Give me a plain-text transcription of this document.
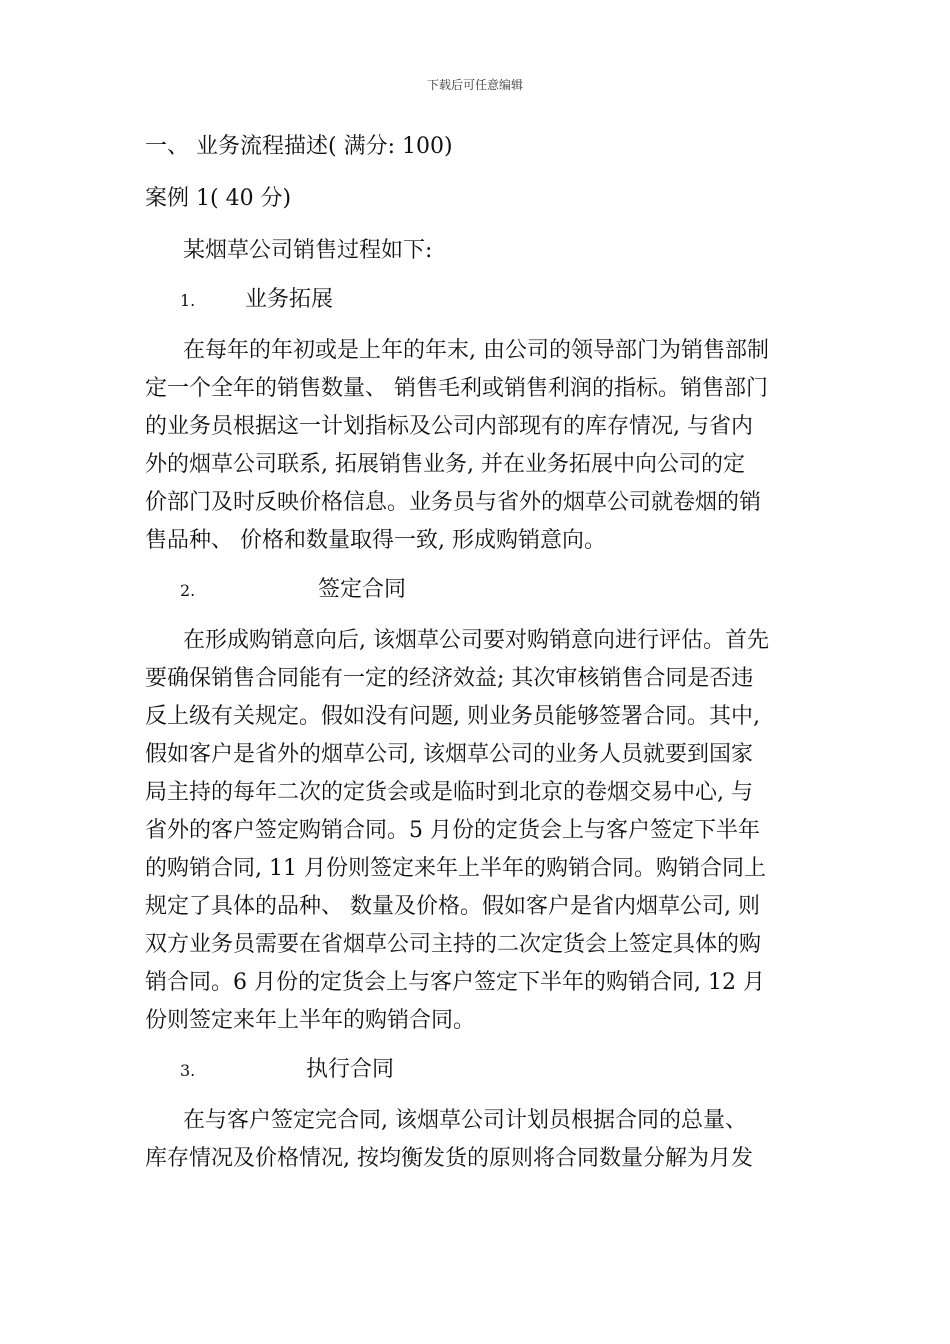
下载后可任意编辑
一、 业务流程描述( 满分: 100)
案例 1( 40 分)
某烟草公司销售过程如下:
1. 业务拓展
在每年的年初或是上年的年末, 由公司的领导部门为销售部制
定一个全年的销售数量、 销售毛利或销售利润的指标。销售部门
的业务员根据这一计划指标及公司内部现有的库存情况, 与省内
外的烟草公司联系, 拓展销售业务, 并在业务拓展中向公司的定
价部门及时反映价格信息。业务员与省外的烟草公司就卷烟的销
售品种、 价格和数量取得一致, 形成购销意向。
2.	签定合同
在形成购销意向后, 该烟草公司要对购销意向进行评估。首先
要确保销售合同能有一定的经济效益; 其次审核销售合同是否违
反上级有关规定。假如没有问题, 则业务员能够签署合同。其中,
假如客户是省外的烟草公司, 该烟草公司的业务人员就要到国家
局主持的每年二次的定货会或是临时到北京的卷烟交易中心, 与
省外的客户签定购销合同。5 月份的定货会上与客户签定下半年
的购销合同, 11 月份则签定来年上半年的购销合同。购销合同上
规定了具体的品种、 数量及价格。假如客户是省内烟草公司, 则
双方业务员需要在省烟草公司主持的二次定货会上签定具体的购
销合同。6 月份的定货会上与客户签定下半年的购销合同, 12 月
份则签定来年上半年的购销合同。
3.	执行合同
在与客户签定完合同, 该烟草公司计划员根据合同的总量、
库存情况及价格情况, 按均衡发货的原则将合同数量分解为月发
